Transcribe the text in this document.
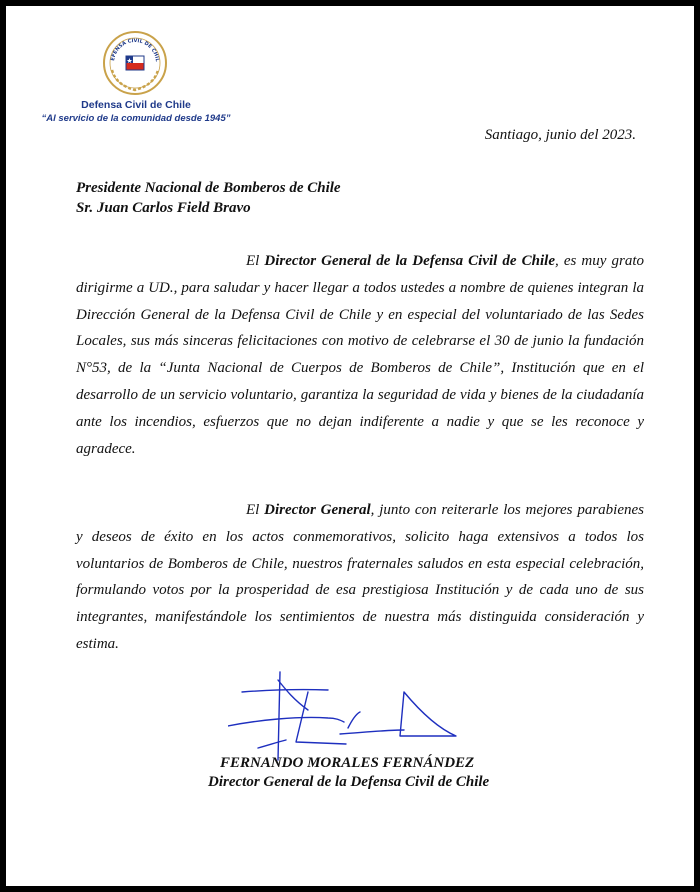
EFENSA CIVIL DE CHIL
Defensa Civil de Chile
“Al servicio de la comunidad desde 1945”
Santiago, junio del 2023.
Presidente Nacional de Bomberos de Chile
Sr. Juan Carlos Field Bravo

El Director General de la Defensa Civil de Chile, es muy grato dirigirme a UD., para saludar y hacer llegar a todos ustedes a nombre de quienes integran la Dirección General de la Defensa Civil de Chile y en especial del voluntariado de las Sedes Locales, sus más sinceras felicitaciones con motivo de celebrarse el 30 de junio la fundación N°53, de la “Junta Nacional de Cuerpos de Bomberos de Chile”, Institución que en el desarrollo de un servicio voluntario, garantiza la seguridad de vida y bienes de la ciudadanía ante los incendios, esfuerzos que no dejan indiferente a nadie y que se les reconoce y agradece.

El Director General, junto con reiterarle los mejores parabienes y deseos de éxito en los actos conmemorativos, solicito haga extensivos a todos los voluntarios de Bomberos de Chile, nuestros fraternales saludos en esta especial celebración, formulando votos por la prosperidad de esa prestigiosa Institución y de cada uno de sus integrantes, manifestándole los sentimientos de nuestra más distinguida consideración y estima.

FERNANDO MORALES FERNÁNDEZ
Director General de la Defensa Civil de Chile
